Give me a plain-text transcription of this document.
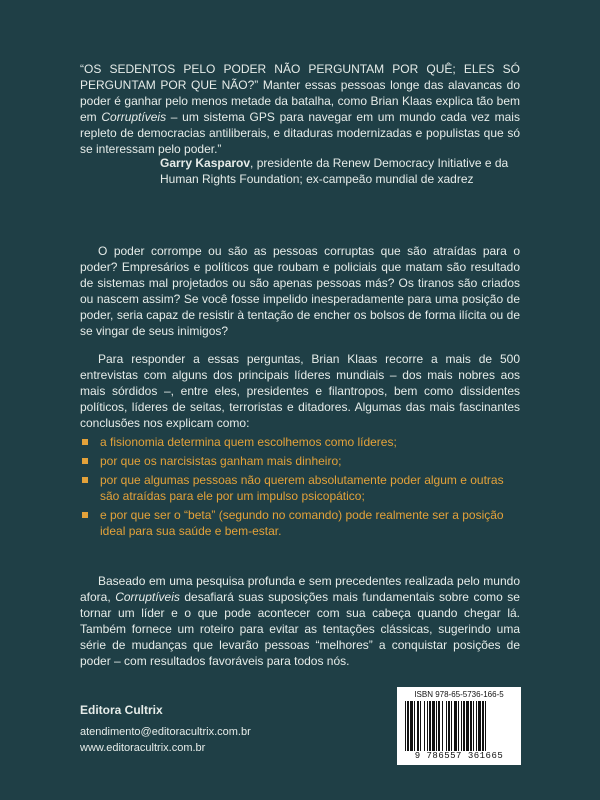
“OS SEDENTOS PELO PODER NÃO PERGUNTAM POR QUÊ; ELES SÓ PERGUNTAM POR QUE NÃO?” Manter essas pessoas longe das alavancas do poder é ganhar pelo menos metade da batalha, como Brian Klaas explica tão bem em Corruptíveis – um sistema GPS para navegar em um mundo cada vez mais repleto de democracias antiliberais, e ditaduras modernizadas e populistas que só se interessam pelo poder.”
Garry Kasparov, presidente da Renew Democracy Initiative e da Human Rights Foundation; ex-campeão mundial de xadrez

O poder corrompe ou são as pessoas corruptas que são atraídas para o poder? Empresários e políticos que roubam e policiais que matam são resultado de sistemas mal projetados ou são apenas pessoas más? Os tiranos são criados ou nascem assim? Se você fosse impelido inesperadamente para uma posição de poder, seria capaz de resistir à tentação de encher os bolsos de forma ilícita ou de se vingar de seus inimigos?

Para responder a essas perguntas, Brian Klaas recorre a mais de 500 entrevistas com alguns dos principais líderes mundiais – dos mais nobres aos mais sórdidos –, entre eles, presidentes e filantropos, bem como dissidentes políticos, líderes de seitas, terroristas e ditadores. Algumas das mais fascinantes conclusões nos explicam como:

a fisionomia determina quem escolhemos como líderes;
por que os narcisistas ganham mais dinheiro;
por que algumas pessoas não querem absolutamente poder algum e outras são atraídas para ele por um impulso psicopático;
e por que ser o “beta” (segundo no comando) pode realmente ser a posição ideal para sua saúde e bem-estar.

Baseado em uma pesquisa profunda e sem precedentes realizada pelo mundo afora, Corruptíveis desafiará suas suposições mais fundamentais sobre como se tornar um líder e o que pode acontecer com sua cabeça quando chegar lá. Também fornece um roteiro para evitar as tentações clássicas, sugerindo uma série de mudanças que levarão pessoas “melhores” a conquistar posições de poder – com resultados favoráveis para todos nós.

Editora Cultrix
atendimento@editoracultrix.com.br
www.editoracultrix.com.br
ISBN 978-65-5736-166-5
9 786557 361665
